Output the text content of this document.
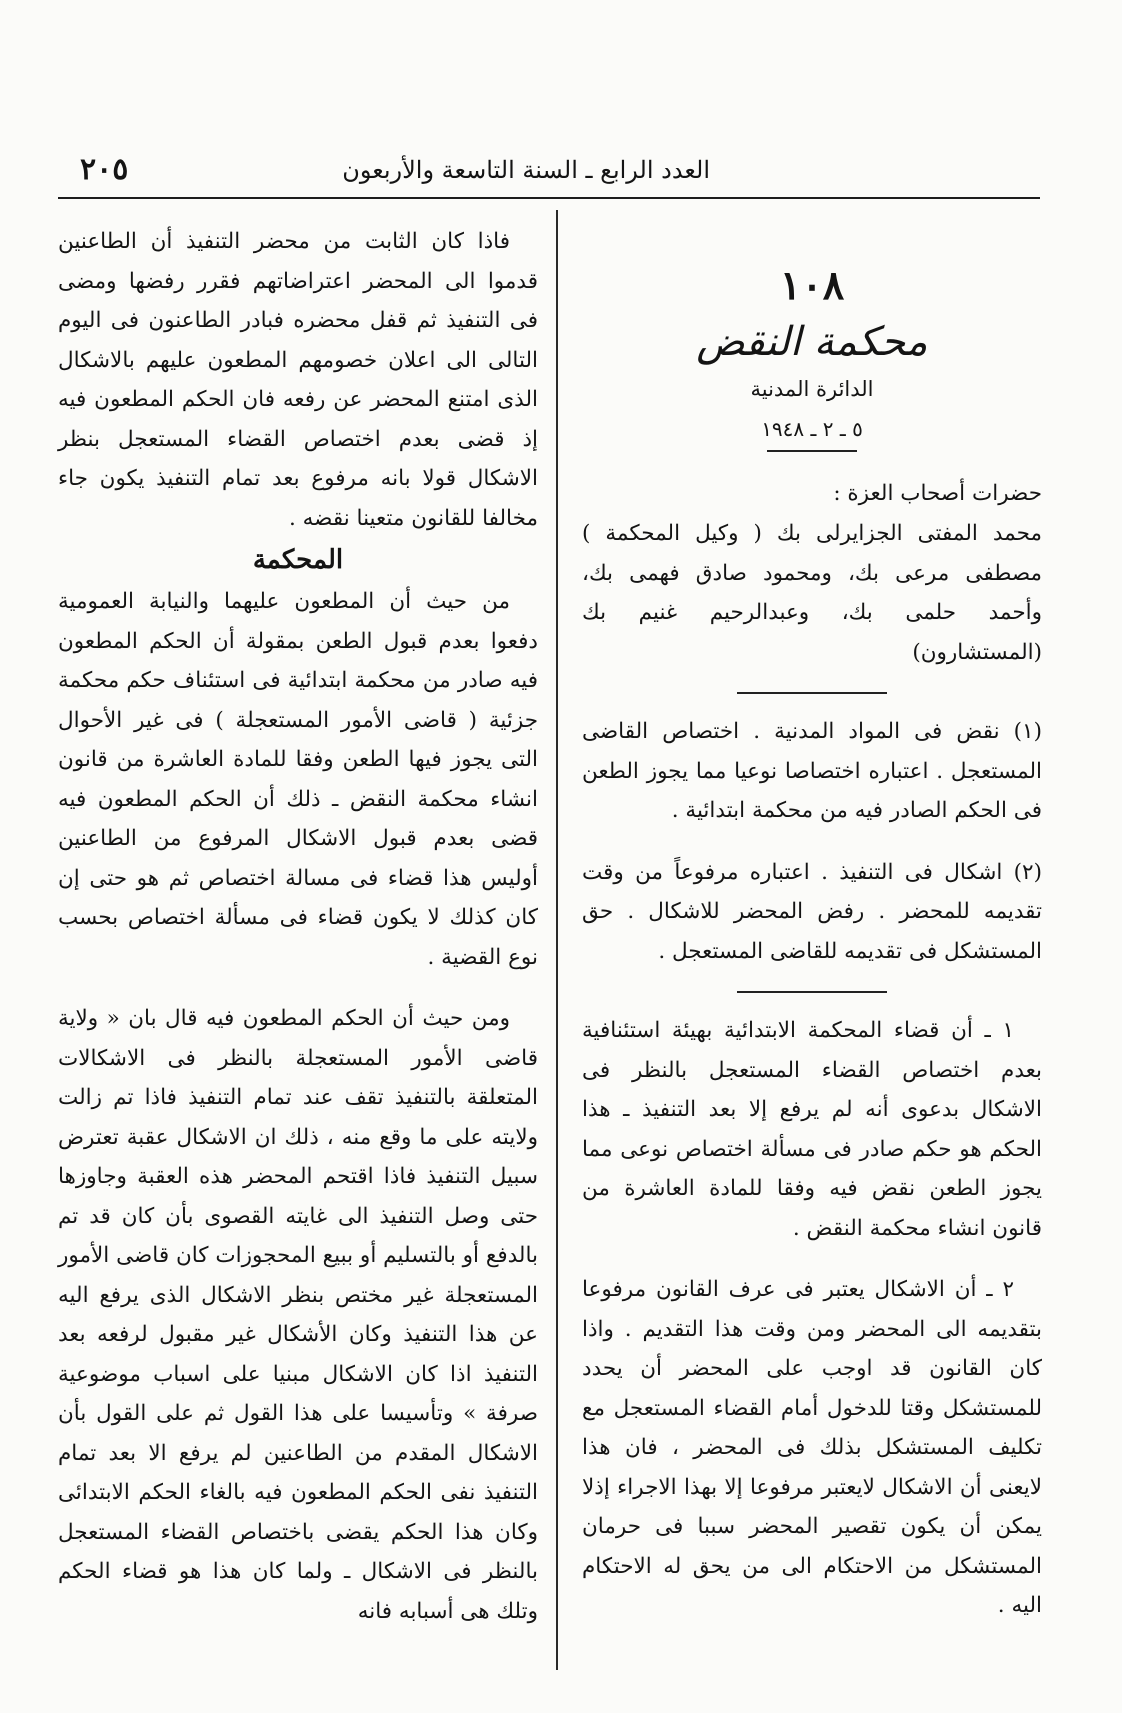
العدد الرابع ـ السنة التاسعة والأربعون
٢٠٥
١٠٨
محكمة النقض
الدائرة المدنية
٥ ـ ٢ ـ ١٩٤٨

حضرات أصحاب العزة :

محمد المفتى الجزايرلى بك ( وكيل المحكمة ) مصطفى مرعى بك، ومحمود صادق فهمى بك، وأحمد حلمى بك، وعبدالرحيم غنيم بك (المستشارون)

(١) نقض فى المواد المدنية . اختصاص القاضى المستعجل . اعتباره اختصاصا نوعيا مما يجوز الطعن فى الحكم الصادر فيه من محكمة ابتدائية .

(٢) اشكال فى التنفيذ . اعتباره مرفوعاً من وقت تقديمه للمحضر . رفض المحضر للاشكال . حق المستشكل فى تقديمه للقاضى المستعجل .

١ ـ أن قضاء المحكمة الابتدائية بهيئة استئنافية بعدم اختصاص القضاء المستعجل بالنظر فى الاشكال بدعوى أنه لم يرفع إلا بعد التنفيذ ـ هذا الحكم هو حكم صادر فى مسألة اختصاص نوعى مما يجوز الطعن نقض فيه وفقا للمادة العاشرة من قانون انشاء محكمة النقض .

٢ ـ أن الاشكال يعتبر فى عرف القانون مرفوعا بتقديمه الى المحضر ومن وقت هذا التقديم . واذا كان القانون قد اوجب على المحضر أن يحدد للمستشكل وقتا للدخول أمام القضاء المستعجل مع تكليف المستشكل بذلك فى المحضر ، فان هذا لايعنى أن الاشكال لايعتبر مرفوعا إلا بهذا الاجراء إذلا يمكن أن يكون تقصير المحضر سببا فى حرمان المستشكل من الاحتكام الى من يحق له الاحتكام اليه .

فاذا كان الثابت من محضر التنفيذ أن الطاعنين قدموا الى المحضر اعتراضاتهم فقرر رفضها ومضى فى التنفيذ ثم قفل محضره فبادر الطاعنون فى اليوم التالى الى اعلان خصومهم المطعون عليهم بالاشكال الذى امتنع المحضر عن رفعه فان الحكم المطعون فيه إذ قضى بعدم اختصاص القضاء المستعجل بنظر الاشكال قولا بانه مرفوع بعد تمام التنفيذ يكون جاء مخالفا للقانون متعينا نقضه .

المحكمة

من حيث أن المطعون عليهما والنيابة العمومية دفعوا بعدم قبول الطعن بمقولة أن الحكم المطعون فيه صادر من محكمة ابتدائية فى استئناف حكم محكمة جزئية ( قاضى الأمور المستعجلة ) فى غير الأحوال التى يجوز فيها الطعن وفقا للمادة العاشرة من قانون انشاء محكمة النقض ـ ذلك أن الحكم المطعون فيه قضى بعدم قبول الاشكال المرفوع من الطاعنين أوليس هذا قضاء فى مسالة اختصاص ثم هو حتى إن كان كذلك لا يكون قضاء فى مسألة اختصاص بحسب نوع القضية .

ومن حيث أن الحكم المطعون فيه قال بان « ولاية قاضى الأمور المستعجلة بالنظر فى الاشكالات المتعلقة بالتنفيذ تقف عند تمام التنفيذ فاذا تم زالت ولايته على ما وقع منه ، ذلك ان الاشكال عقبة تعترض سبيل التنفيذ فاذا اقتحم المحضر هذه العقبة وجاوزها حتى وصل التنفيذ الى غايته القصوى بأن كان قد تم بالدفع أو بالتسليم أو ببيع المحجوزات كان قاضى الأمور المستعجلة غير مختص بنظر الاشكال الذى يرفع اليه عن هذا التنفيذ وكان الأشكال غير مقبول لرفعه بعد التنفيذ اذا كان الاشكال مبنيا على اسباب موضوعية صرفة » وتأسيسا على هذا القول ثم على القول بأن الاشكال المقدم من الطاعنين لم يرفع الا بعد تمام التنفيذ نفى الحكم المطعون فيه بالغاء الحكم الابتدائى وكان هذا الحكم يقضى باختصاص القضاء المستعجل بالنظر فى الاشكال ـ ولما كان هذا هو قضاء الحكم وتلك هى أسبابه فانه
